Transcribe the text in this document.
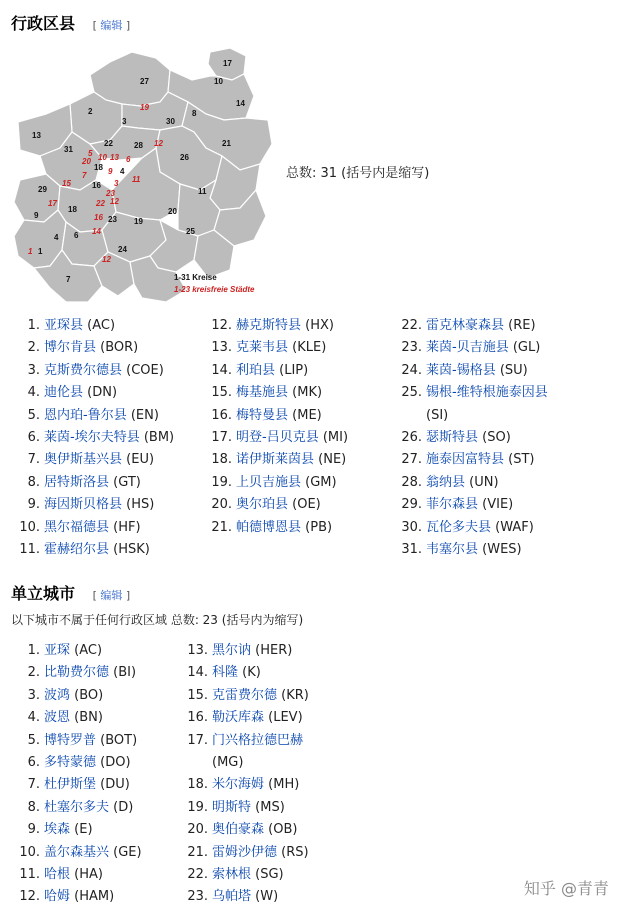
行政区县 [ 编辑 ]
27
17
10
14
2	19
3	30
8
13
22	28 12	21
31 5 10 13 6
18
20
7	9 4
11
26
29
15	16 3
17
23
12
22
18
9	16 23 19
20
11
14
6
1
4
24
25
1
7
12
1-31 Kreise
1-23 kreisfreie Städte
总数: 31 (括号内是缩写)
1. 亚琛县 (AC)
2. 博尔肯县 (BOR)
3. 克斯费尔德县 (COE)
4. 迪伦县 (DN)
5. 恩内珀-鲁尔县 (EN)
6. 莱茵-埃尔夫特县 (BM)
7. 奥伊斯基兴县 (EU)
8. 居特斯洛县 (GT)
9. 海因斯贝格县 (HS)
10. 黑尔福德县 (HF)
11. 霍赫绍尔县 (HSK)
12. 赫克斯特县 (HX)
13. 克莱韦县 (KLE)
14. 利珀县 (LIP)
15. 梅基施县 (MK)
16. 梅特曼县 (ME)
17. 明登-吕贝克县 (MI)
18. 诺伊斯莱茵县 (NE)
19. 上贝吉施县 (GM)
20. 奥尔珀县 (OE)
21. 帕德博恩县 (PB)
22. 雷克林豪森县 (RE)
23. 莱茵-贝吉施县 (GL)
24. 莱茵-锡格县 (SU)
25. 锡根-维特根施泰因县
(SI)
26. 瑟斯特县 (SO)
27. 施泰因富特县 (ST)
28. 翁纳县 (UN)
29. 菲尔森县 (VIE)
30. 瓦伦多夫县 (WAF)
31. 韦塞尔县 (WES)
单立城市 [ 编辑 ]
以下城市不属于任何行政区域 总数: 23 (括号内为缩写)
1. 亚琛 (AC)
2. 比勒费尔德 (BI)
3. 波鸿 (BO)
4. 波恩 (BN)
5. 博特罗普 (BOT)
6. 多特蒙德 (DO)
7. 杜伊斯堡 (DU)
8. 杜塞尔多夫 (D)
9. 埃森 (E)
10. 盖尔森基兴 (GE)
11. 哈根 (HA)
12. 哈姆 (HAM)
13. 黑尔讷 (HER)
14. 科隆 (K)
15. 克雷费尔德 (KR)
16. 勒沃库森 (LEV)
17. 门兴格拉德巴赫
(MG)
18. 米尔海姆 (MH)
19. 明斯特 (MS)
20. 奥伯豪森 (OB)
21. 雷姆沙伊德 (RS)
22. 索林根 (SG)
23. 乌帕塔 (W)	知乎 @青青
